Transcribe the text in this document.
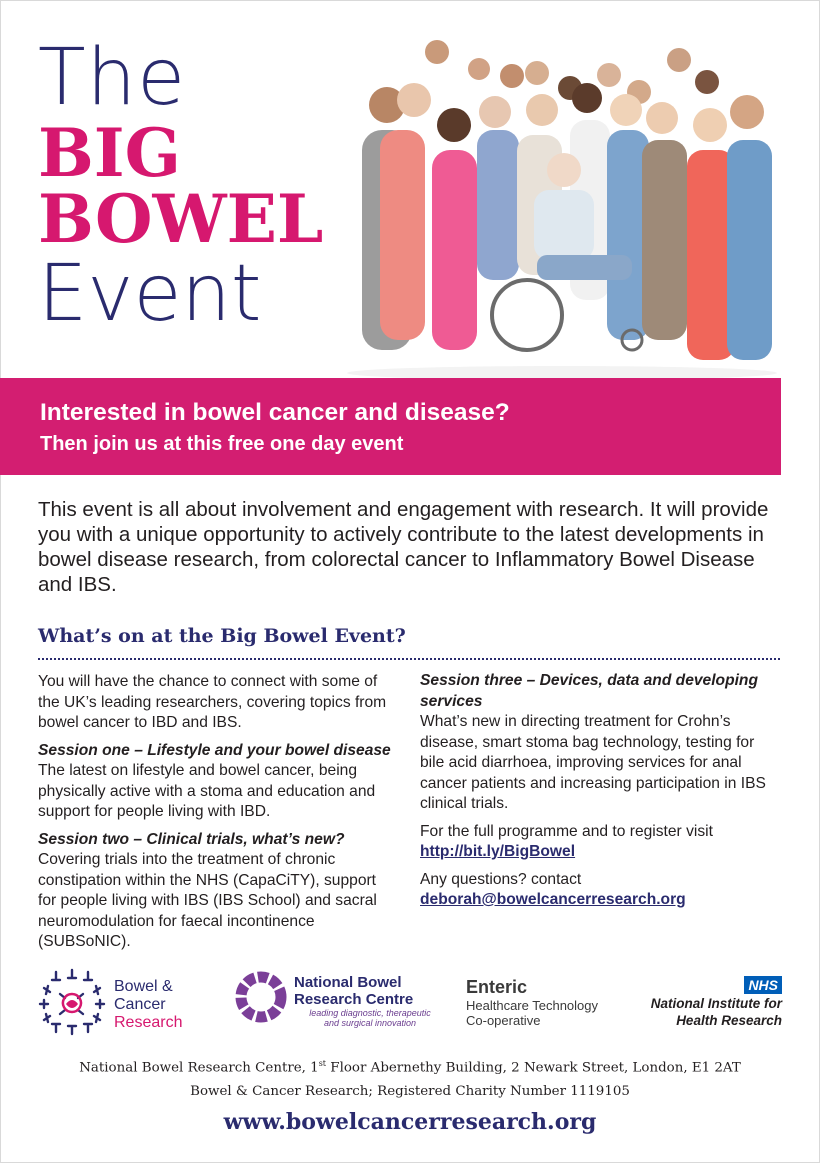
The
BIG
BOWEL
Event
Interested in bowel cancer and disease?
Then join us at this free one day event

This event is all about involvement and engagement with research. It will provide you with a unique opportunity to actively contribute to the latest developments in bowel disease research, from colorectal cancer to Inflammatory Bowel Disease and IBS.

What’s on at the Big Bowel Event?

You will have the chance to connect with some of the UK’s leading researchers, covering topics from bowel cancer to IBD and IBS.

Session one – Lifestyle and your bowel disease
The latest on lifestyle and bowel cancer, being physically active with a stoma and education and support for people living with IBD.

Session two – Clinical trials, what’s new?
Covering trials into the treatment of chronic constipation within the NHS (CapaCiTY), support for people living with IBS (IBS School) and sacral neuromodulation for faecal incontinence (SUBSoNIC).

Session three – Devices, data and developing services
What’s new in directing treatment for Crohn’s disease, smart stoma bag technology, testing for bile acid diarrhoea, improving services for anal cancer patients and increasing participation in IBS clinical trials.

For the full programme and to register visit
http://bit.ly/BigBowel

Any questions? contact
deborah@bowelcancerresearch.org

Bowel &
Cancer
Research
National Bowel
Research Centre
leading diagnostic, therapeutic
and surgical innovation
Enteric
Healthcare Technology
Co-operative
NHS
National Institute for
Health Research
National Bowel Research Centre, 1st Floor Abernethy Building, 2 Newark Street, London, E1 2AT
Bowel & Cancer Research; Registered Charity Number 1119105
www.bowelcancerresearch.org
